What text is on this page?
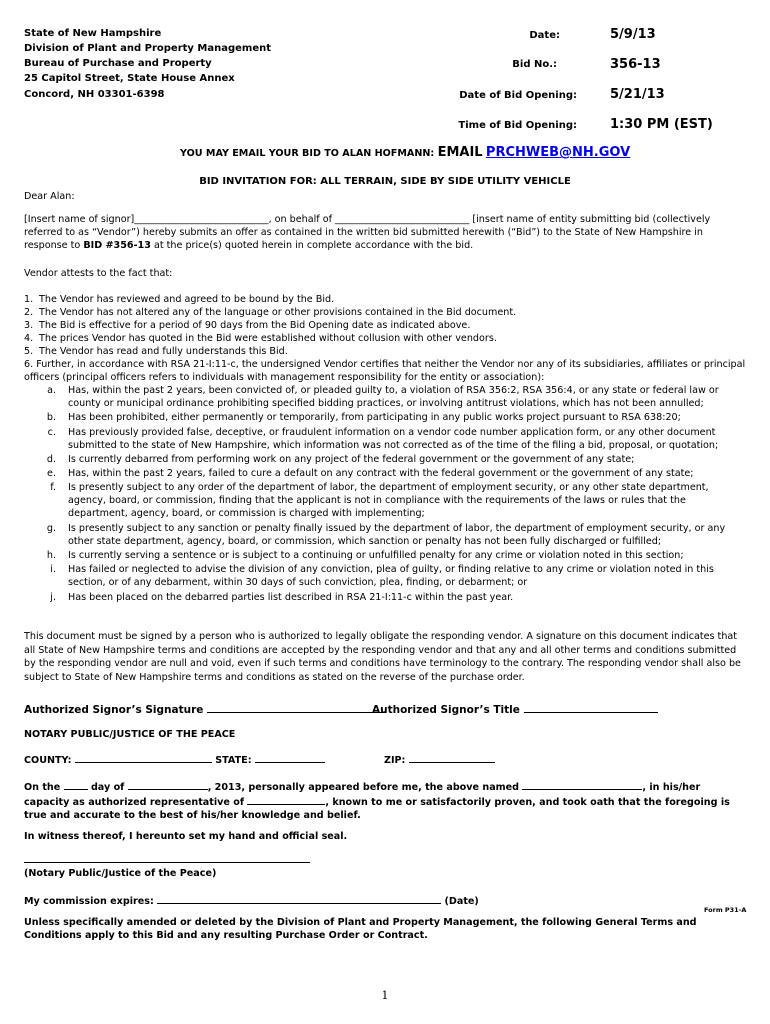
State of New Hampshire
Division of Plant and Property Management
Bureau of Purchase and Property
25 Capitol Street, State House Annex
Concord, NH 03301-6398
Date:	5/9/13
Bid No.:	356-13
Date of Bid Opening:	5/21/13
Time of Bid Opening:	1:30 PM (EST)
YOU MAY EMAIL YOUR BID TO ALAN HOFMANN: EMAIL PRCHWEB@NH.GOV
BID INVITATION FOR: ALL TERRAIN, SIDE BY SIDE UTILITY VEHICLE
Dear Alan:

[Insert name of signor]____________________________, on behalf of ____________________________ [insert name of entity submitting bid (collectively referred to as “Vendor”) hereby submits an offer as contained in the written bid submitted herewith (“Bid”) to the State of New Hampshire in response to BID #356-13 at the price(s) quoted herein in complete accordance with the bid.

Vendor attests to the fact that:
1. The Vendor has reviewed and agreed to be bound by the Bid.
2. The Vendor has not altered any of the language or other provisions contained in the Bid document.
3. The Bid is effective for a period of 90 days from the Bid Opening date as indicated above.
4. The prices Vendor has quoted in the Bid were established without collusion with other vendors.
5. The Vendor has read and fully understands this Bid.
6. Further, in accordance with RSA 21-I:11-c, the undersigned Vendor certifies that neither the Vendor nor any of its subsidiaries, affiliates or principal officers (principal officers refers to individuals with management responsibility for the entity or association):
a. Has, within the past 2 years, been convicted of, or pleaded guilty to, a violation of RSA 356:2, RSA 356:4, or any state or federal law or county or municipal ordinance prohibiting specified bidding practices, or involving antitrust violations, which has not been annulled;
b. Has been prohibited, either permanently or temporarily, from participating in any public works project pursuant to RSA 638:20;
c. Has previously provided false, deceptive, or fraudulent information on a vendor code number application form, or any other document submitted to the state of New Hampshire, which information was not corrected as of the time of the filing a bid, proposal, or quotation;
d. Is currently debarred from performing work on any project of the federal government or the government of any state;
e. Has, within the past 2 years, failed to cure a default on any contract with the federal government or the government of any state;
f. Is presently subject to any order of the department of labor, the department of employment security, or any other state department, agency, board, or commission, finding that the applicant is not in compliance with the requirements of the laws or rules that the department, agency, board, or commission is charged with implementing;
g. Is presently subject to any sanction or penalty finally issued by the department of labor, the department of employment security, or any other state department, agency, board, or commission, which sanction or penalty has not been fully discharged or fulfilled;
h. Is currently serving a sentence or is subject to a continuing or unfulfilled penalty for any crime or violation noted in this section;
i. Has failed or neglected to advise the division of any conviction, plea of guilty, or finding relative to any crime or violation noted in this section, or of any debarment, within 30 days of such conviction, plea, finding, or debarment; or
j. Has been placed on the debarred parties list described in RSA 21-I:11-c within the past year.

This document must be signed by a person who is authorized to legally obligate the responding vendor. A signature on this document indicates that all State of New Hampshire terms and conditions are accepted by the responding vendor and that any and all other terms and conditions submitted by the responding vendor are null and void, even if such terms and conditions have terminology to the contrary. The responding vendor shall also be subject to State of New Hampshire terms and conditions as stated on the reverse of the purchase order.

Authorized Signor’s Signature	Authorized Signor’s Title
NOTARY PUBLIC/JUSTICE OF THE PEACE
COUNTY:	STATE:	ZIP:
On the	day of	, 2013, personally appeared before me, the above named	, in his/her capacity as authorized representative of	, known to me or satisfactorily proven, and took oath that the foregoing is true and accurate to the best of his/her knowledge and belief.
In witness thereof, I hereunto set my hand and official seal.
(Notary Public/Justice of the Peace)
My commission expires:	(Date)
Form P31-A
Unless specifically amended or deleted by the Division of Plant and Property Management, the following General Terms and Conditions apply to this Bid and any resulting Purchase Order or Contract.
1
